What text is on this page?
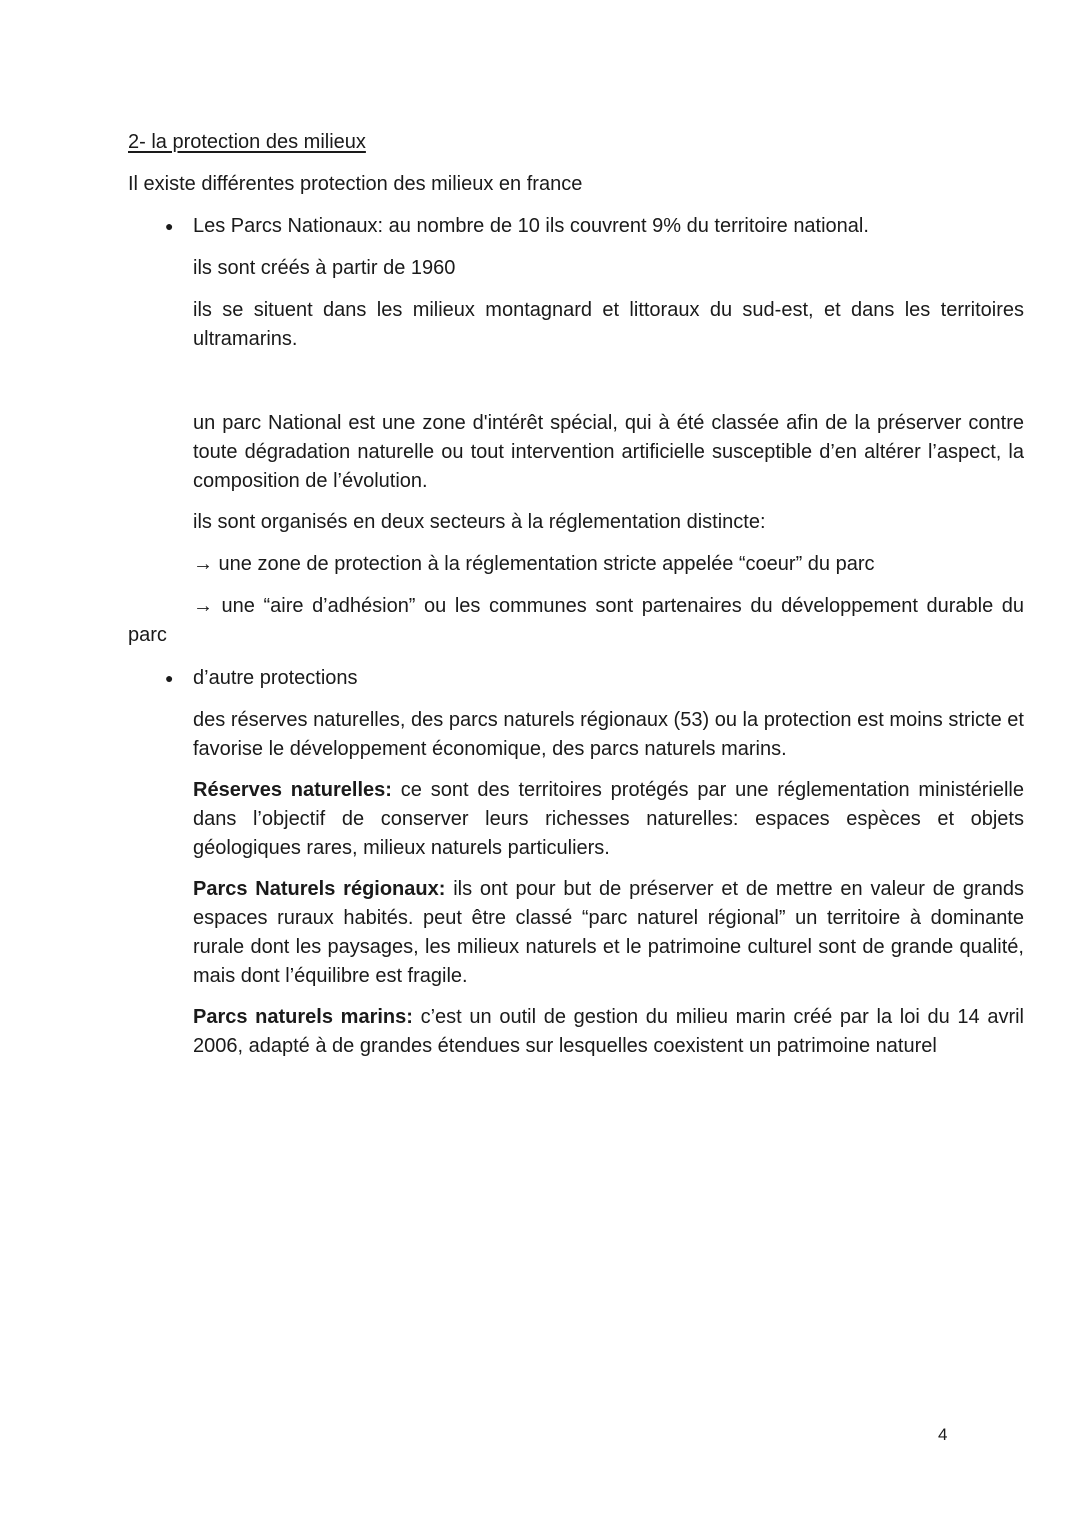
2- la protection des milieux

Il existe différentes protection des milieux en france

● Les Parcs Nationaux: au nombre de 10 ils couvrent 9% du territoire national.

ils sont créés à partir de 1960

ils se situent dans les milieux montagnard et littoraux du sud-est, et dans les territoires ultramarins.

un parc National est une zone d'intérêt spécial, qui à été classée afin de la préserver contre toute dégradation naturelle ou tout intervention artificielle susceptible d’en altérer l’aspect, la composition de l’évolution.

ils sont organisés en deux secteurs à la réglementation distincte:

→ une zone de protection à la réglementation stricte appelée “coeur” du parc

→ une “aire d’adhésion” ou les communes sont partenaires du développement durable du parc

● d’autre protections

des réserves naturelles, des parcs naturels régionaux (53) ou la protection est moins stricte et favorise le développement économique, des parcs naturels marins.

Réserves naturelles: ce sont des territoires protégés par une réglementation ministérielle dans l’objectif de conserver leurs richesses naturelles: espaces espèces et objets géologiques rares, milieux naturels particuliers.

Parcs Naturels régionaux: ils ont pour but de préserver et de mettre en valeur de grands espaces ruraux habités. peut être classé “parc naturel régional” un territoire à dominante rurale dont les paysages, les milieux naturels et le patrimoine culturel sont de grande qualité, mais dont l’équilibre est fragile.

Parcs naturels marins: c’est un outil de gestion du milieu marin créé par la loi du 14 avril 2006, adapté à de grandes étendues sur lesquelles coexistent un patrimoine naturel

4
